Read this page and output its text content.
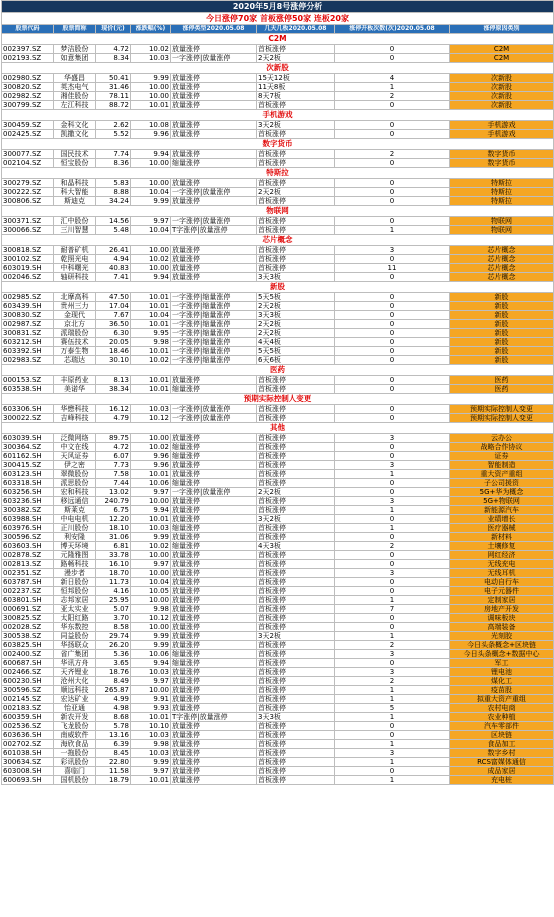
2020年5月8号涨停分析							
今日涨停70家 首板涨停50家 连板20家							
股票代码	股票简称	现价(元)	涨跌幅(%)	涨停类型2020.05.08	几天几板2020.05.08	涨停开板次数(次)2020.05.08	涨停原因类别
C2M							
002397.SZ	梦洁股份	4.72	10.02	放量涨停	首板涨停	0	C2M
002193.SZ	如意集团	8.34	10.03	一字涨停|放量涨停	2天2板	0	C2M
次新股							
002980.SZ	华盛昌	50.41	9.99	放量涨停	15天12板	4	次新股
300820.SZ	英杰电气	31.46	10.00	放量涨停	11天8板	1	次新股
002982.SZ	湘佳股份	78.11	10.00	放量涨停	8天7板	2	次新股
300799.SZ	左江科技	88.72	10.01	放量涨停	首板涨停	0	次新股
手机游戏							
300459.SZ	金科文化	2.62	10.08	放量涨停	3天2板	0	手机游戏
002425.SZ	凯撒文化	5.52	9.96	放量涨停	首板涨停	0	手机游戏
数字货币							
300077.SZ	国民技术	7.74	9.94	放量涨停	首板涨停	2	数字货币
002104.SZ	恒宝股份	8.36	10.00	缩量涨停	首板涨停	0	数字货币
特斯拉							
300279.SZ	和晶科技	5.83	10.00	放量涨停	首板涨停	0	特斯拉
300222.SZ	科大智能	8.88	10.04	一字涨停|放量涨停	2天2板	0	特斯拉
300806.SZ	斯迪克	34.24	9.99	放量涨停	首板涨停	0	特斯拉
物联网							
300371.SZ	汇中股份	14.56	9.97	一字涨停|放量涨停	首板涨停	0	物联网
300066.SZ	三川智慧	5.48	10.04	T字涨停|放量涨停	首板涨停	1	物联网
芯片概念							
300818.SZ	耐普矿机	26.41	10.00	放量涨停	首板涨停	3	芯片概念
300102.SZ	乾照光电	4.94	10.02	放量涨停	首板涨停	0	芯片概念
603019.SH	中科曙光	40.83	10.00	放量涨停	首板涨停	11	芯片概念
002046.SZ	轴研科技	7.41	9.94	放量涨停	3天3板	0	芯片概念
新股							
002985.SZ	北摩高科	47.50	10.01	一字涨停|缩量涨停	5天5板	0	新股
603439.SH	贵州三力	17.04	10.01	一字涨停|缩量涨停	2天2板	0	新股
300830.SZ	金现代	7.67	10.04	一字涨停|缩量涨停	3天3板	0	新股
002987.SZ	京北方	36.50	10.01	一字涨停|缩量涨停	2天2板	0	新股
300831.SZ	派瑞股份	6.30	9.95	一字涨停|缩量涨停	2天2板	0	新股
603212.SH	赛伍技术	20.05	9.98	一字涨停|缩量涨停	4天4板	0	新股
603392.SH	万泰生物	18.46	10.01	一字涨停|缩量涨停	5天5板	0	新股
002983.SZ	芯瑞达	30.10	10.02	一字涨停|缩量涨停	6天6板	0	新股
医药							
000153.SZ	丰原药业	8.13	10.01	放量涨停	首板涨停	0	医药
603538.SH	美诺华	38.34	10.01	缩量涨停	首板涨停	0	医药
预期实际控制人变更							
603306.SH	华懋科技	16.12	10.03	一字涨停|放量涨停	首板涨停	0	预期实际控制人变更
300022.SZ	吉峰科技	4.79	10.12	一字涨停|放量涨停	首板涨停	0	预期实际控制人变更
其他							
603039.SH	泛微网络	89.75	10.00	放量涨停	首板涨停	3	云办公
300364.SZ	中文在线	4.72	10.02	缩量涨停	首板涨停	0	战略合作协议
601162.SH	天风证券	6.07	9.96	缩量涨停	首板涨停	0	证券
300415.SZ	伊之密	7.73	9.96	放量涨停	首板涨停	3	智能制造
603123.SH	翠微股份	7.58	10.01	放量涨停	首板涨停	1	重大资产重组
603318.SH	派思股份	7.44	10.06	缩量涨停	首板涨停	0	子公司援资
603256.SH	宏和科技	13.02	9.97	一字涨停|放量涨停	2天2板	0	5G+华为概念
603236.SH	移远通信	240.79	10.00	放量涨停	首板涨停	3	5G+物联网
300382.SZ	斯莱克	6.75	9.94	放量涨停	首板涨停	1	新能源汽车
603988.SH	中电电机	12.20	10.01	放量涨停	3天2板	0	业绩增长
603976.SH	正川股份	18.10	10.03	缩量涨停	首板涨停	1	医疗器械
300596.SZ	利安隆	31.06	9.99	放量涨停	首板涨停	0	新材料
603603.SH	博天环境	6.81	10.02	缩量涨停	4天3板	2	土壤修复
002878.SZ	元隆雅图	33.78	10.00	放量涨停	首板涨停	0	网红经济
002813.SZ	路畅科技	16.10	9.97	放量涨停	首板涨停	0	无线充电
002351.SZ	漫步者	18.70	10.00	放量涨停	首板涨停	3	无线耳机
603787.SH	新日股份	11.73	10.04	放量涨停	首板涨停	0	电动自行车
002237.SZ	恒邦股份	4.16	10.05	放量涨停	首板涨停	0	电子元器件
603801.SH	志邦家居	25.95	10.00	放量涨停	首板涨停	1	定制家居
000691.SZ	亚太实业	5.07	9.98	放量涨停	首板涨停	7	房地产开发
300825.SZ	太阳红路	3.70	10.12	放量涨停	首板涨停	0	调味板块
002028.SZ	华东数控	8.58	10.00	放量涨停	首板涨停	0	高端装备
300538.SZ	同益股份	29.74	9.99	放量涨停	3天2板	1	光刻胶
603825.SH	华扬联众	26.20	9.99	放量涨停	首板涨停	2	今日头条概念+区块链
002400.SZ	省广集团	5.36	10.06	缩量涨停	首板涨停	3	今日头条概念+数据中心
600687.SH	华讯方舟	3.65	9.94	缩量涨停	首板涨停	0	军工
002466.SZ	天齐锂业	18.76	10.03	放量涨停	首板涨停	3	锂电池
600230.SH	沧州大化	8.49	9.97	放量涨停	首板涨停	2	煤化工
300596.SZ	顺远科技	265.87	10.00	放量涨停	首板涨停	1	疫苗股
002145.SZ	宏达矿业	4.99	9.91	放量涨停	首板涨停	1	拟重大资产重组
002183.SZ	怡亚通	4.98	9.93	放量涨停	首板涨停	5	农村电商
600359.SH	新农开发	8.68	10.01	T字涨停|放量涨停	3天3板	1	农业种植
002536.SZ	飞龙股份	5.78	10.10	放量涨停	首板涨停	0	汽车零部件
603636.SH	南威软件	13.16	10.03	放量涨停	首板涨停	0	区块链
002702.SZ	海欣食品	6.39	9.98	放量涨停	首板涨停	1	食品加工
601038.SH	一拖股份	8.45	10.03	放量涨停	首板涨停	3	数字乡村
300634.SZ	彩讯股份	22.80	9.99	放量涨停	首板涨停	1	RCS富媒体通信
603008.SH	喜临门	11.58	9.97	放量涨停	首板涨停	0	成品家居
600693.SH	国机股份	18.79	10.01	放量涨停	首板涨停	1	充电桩
